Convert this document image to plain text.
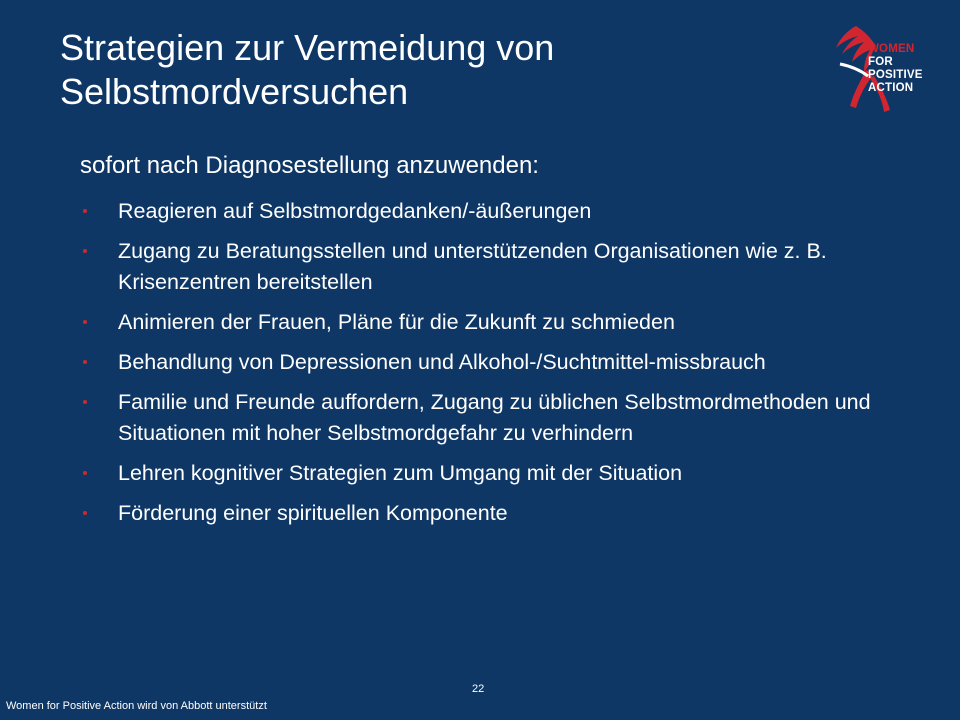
Strategien zur Vermeidung von
Selbstmordversuchen
WOMEN
FOR
POSITIVE
ACTION
sofort nach Diagnosestellung anzuwenden:
Reagieren auf Selbstmordgedanken/-äußerungen
Zugang zu Beratungsstellen und unterstützenden Organisationen wie z. B. Krisenzentren bereitstellen
Animieren der Frauen, Pläne für die Zukunft zu schmieden
Behandlung von Depressionen und Alkohol-/Suchtmittel-missbrauch
Familie und Freunde auffordern, Zugang zu üblichen Selbstmordmethoden und Situationen mit hoher Selbstmordgefahr zu verhindern
Lehren kognitiver Strategien zum Umgang mit der Situation
Förderung einer spirituellen Komponente
22
Women for Positive Action wird von Abbott unterstützt
